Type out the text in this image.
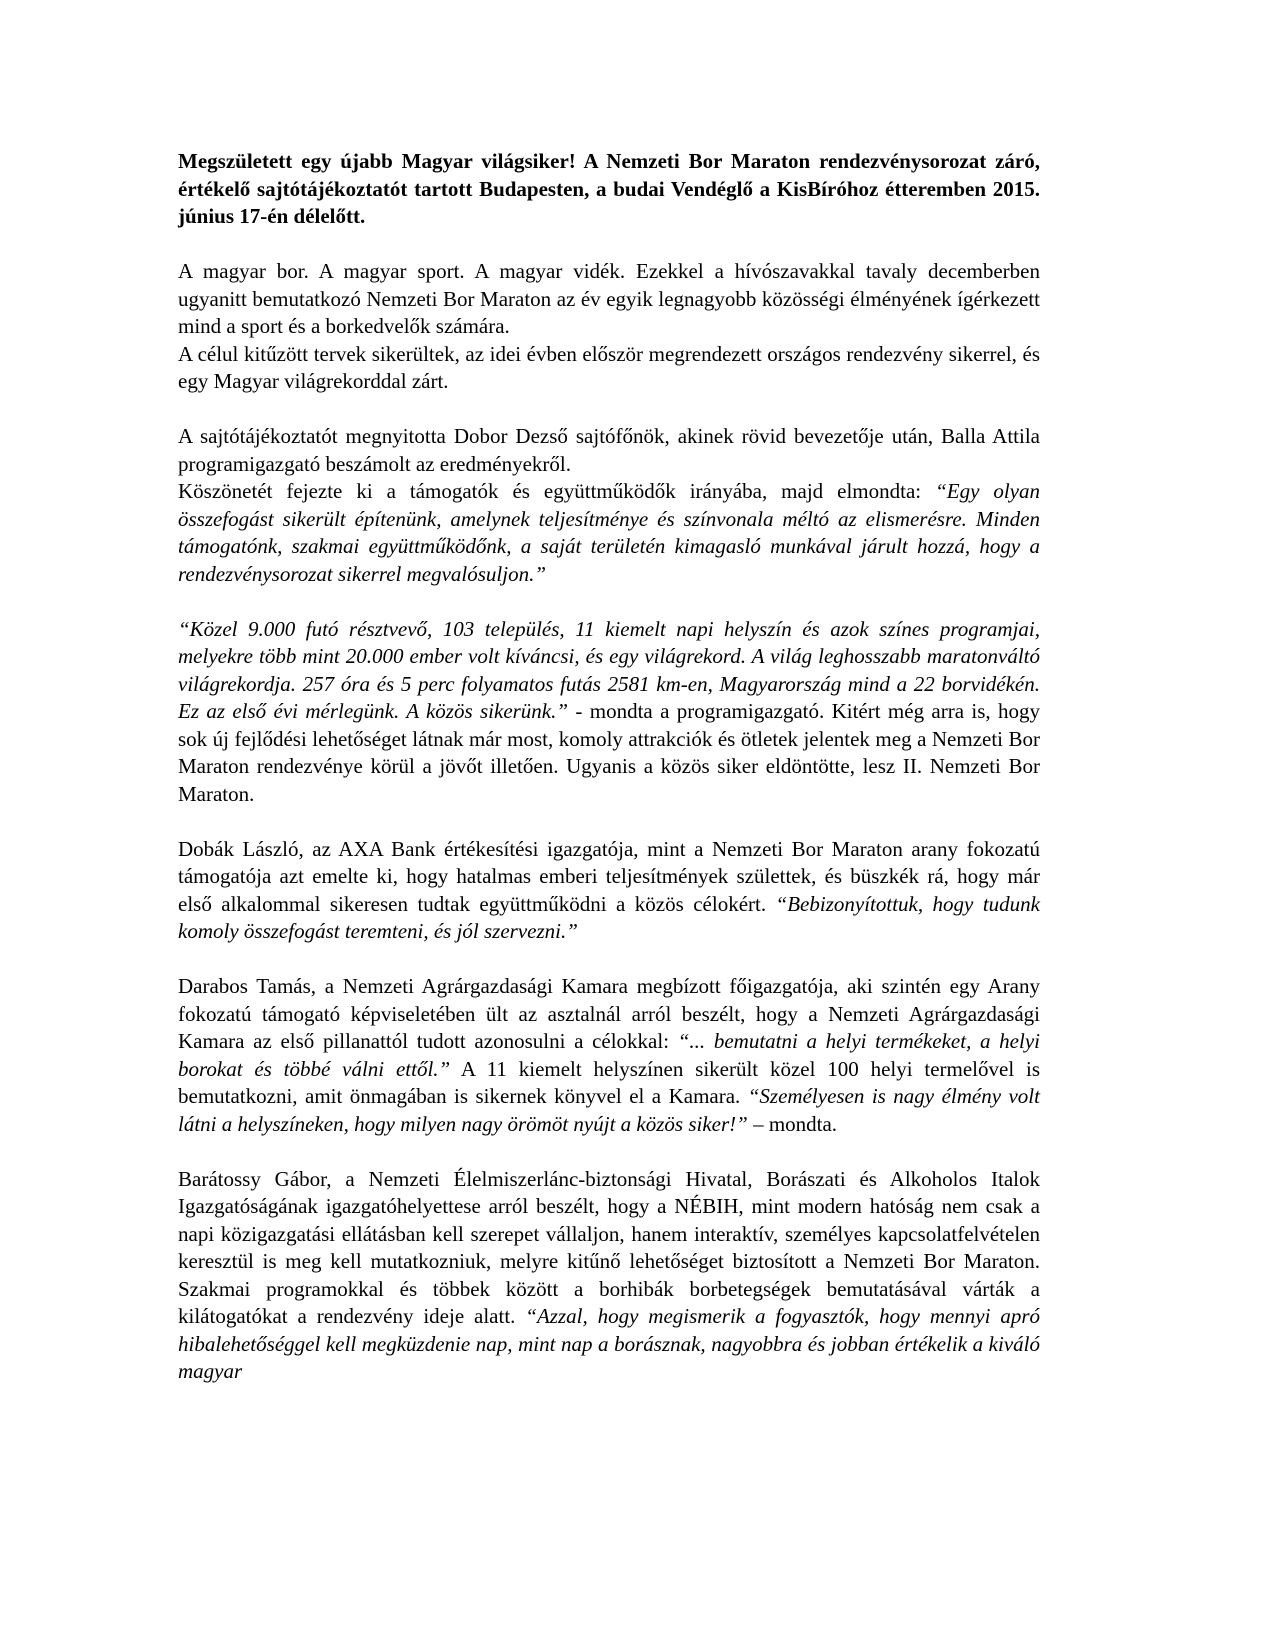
Megszületett egy újabb Magyar világsiker! A Nemzeti Bor Maraton rendezvénysorozat záró, értékelő sajtótájékoztatót tartott Budapesten, a budai Vendéglő a KisBíróhoz étteremben 2015. június 17-én délelőtt.

A magyar bor. A magyar sport. A magyar vidék. Ezekkel a hívószavakkal tavaly decemberben ugyanitt bemutatkozó Nemzeti Bor Maraton az év egyik legnagyobb közösségi élményének ígérkezett mind a sport és a borkedvelők számára.

A célul kitűzött tervek sikerültek, az idei évben először megrendezett országos rendezvény sikerrel, és egy Magyar világrekorddal zárt.

A sajtótájékoztatót megnyitotta Dobor Dezső sajtófőnök, akinek rövid bevezetője után, Balla Attila programigazgató beszámolt az eredményekről.

Köszönetét fejezte ki a támogatók és együttműködők irányába, majd elmondta: “Egy olyan összefogást sikerült építenünk, amelynek teljesítménye és színvonala méltó az elismerésre. Minden támogatónk, szakmai együttműködőnk, a saját területén kimagasló munkával járult hozzá, hogy a rendezvénysorozat sikerrel megvalósuljon.”

“Közel 9.000 futó résztvevő, 103 település, 11 kiemelt napi helyszín és azok színes programjai, melyekre több mint 20.000 ember volt kíváncsi, és egy világrekord. A világ leghosszabb maratonváltó világrekordja. 257 óra és 5 perc folyamatos futás 2581 km-en, Magyarország mind a 22 borvidékén. Ez az első évi mérlegünk. A közös sikerünk.” - mondta a programigazgató. Kitért még arra is, hogy sok új fejlődési lehetőséget látnak már most, komoly attrakciók és ötletek jelentek meg a Nemzeti Bor Maraton rendezvénye körül a jövőt illetően. Ugyanis a közös siker eldöntötte, lesz II. Nemzeti Bor Maraton.

Dobák László, az AXA Bank értékesítési igazgatója, mint a Nemzeti Bor Maraton arany fokozatú támogatója azt emelte ki, hogy hatalmas emberi teljesítmények születtek, és büszkék rá, hogy már első alkalommal sikeresen tudtak együttműködni a közös célokért. “Bebizonyítottuk, hogy tudunk komoly összefogást teremteni, és jól szervezni.”

Darabos Tamás, a Nemzeti Agrárgazdasági Kamara megbízott főigazgatója, aki szintén egy Arany fokozatú támogató képviseletében ült az asztalnál arról beszélt, hogy a Nemzeti Agrárgazdasági Kamara az első pillanattól tudott azonosulni a célokkal: “... bemutatni a helyi termékeket, a helyi borokat és többé válni ettől.” A 11 kiemelt helyszínen sikerült közel 100 helyi termelővel is bemutatkozni, amit önmagában is sikernek könyvel el a Kamara. “Személyesen is nagy élmény volt látni a helyszíneken, hogy milyen nagy örömöt nyújt a közös siker!” – mondta.

Barátossy Gábor, a Nemzeti Élelmiszerlánc-biztonsági Hivatal, Borászati és Alkoholos Italok Igazgatóságának igazgatóhelyettese arról beszélt, hogy a NÉBIH, mint modern hatóság nem csak a napi közigazgatási ellátásban kell szerepet vállaljon, hanem interaktív, személyes kapcsolatfelvételen keresztül is meg kell mutatkozniuk, melyre kitűnő lehetőséget biztosított a Nemzeti Bor Maraton. Szakmai programokkal és többek között a borhibák borbetegségek bemutatásával várták a kilátogatókat a rendezvény ideje alatt. “Azzal, hogy megismerik a fogyasztók, hogy mennyi apró hibalehetőséggel kell megküzdenie nap, mint nap a borásznak, nagyobbra és jobban értékelik a kiváló magyar
